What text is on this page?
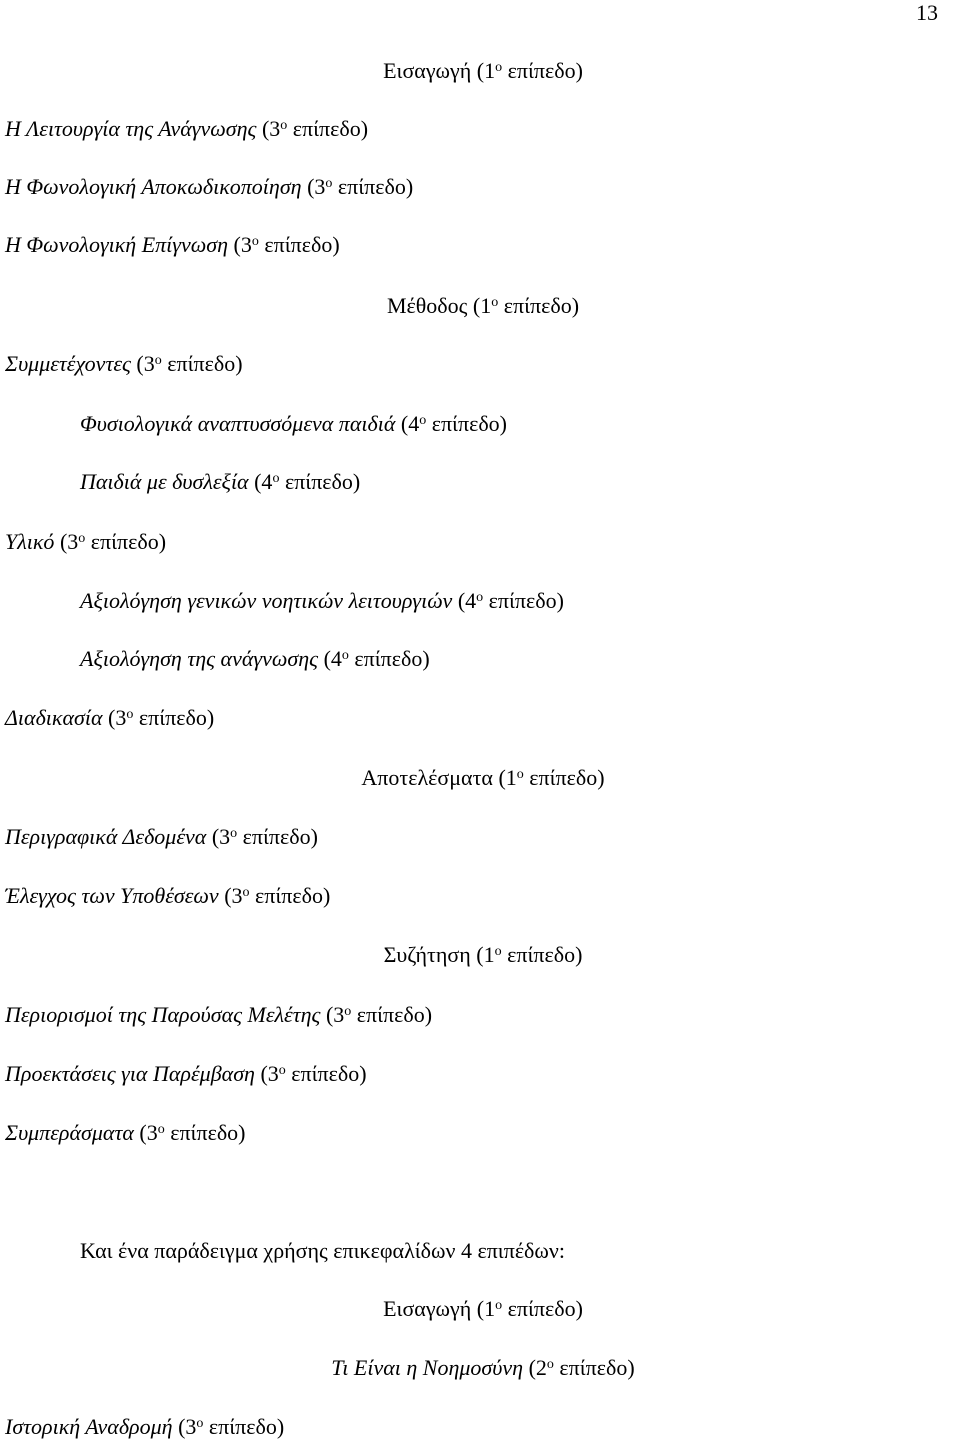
13
Εισαγωγή ($1^o$ επίπεδο)
Η Λειτουργία της Ανάγνωσης ($3^o$ επίπεδο)
Η Φωνολογική Αποκωδικοποίηση ($3^o$ επίπεδο)
Η Φωνολογική Επίγνωση ($3^o$ επίπεδο)
Μέθοδος ($1^o$ επίπεδο)
Συμμετέχοντες ($3^o$ επίπεδο)
Φυσιολογικά αναπτυσσόμενα παιδιά ($4^o$ επίπεδο)
Παιδιά με δυσλεξία ($4^o$ επίπεδο)
Υλικό ($3^o$ επίπεδο)
Αξιολόγηση γενικών νοητικών λειτουργιών ($4^o$ επίπεδο)
Αξιολόγηση της ανάγνωσης ($4^o$ επίπεδο)
Διαδικασία ($3^o$ επίπεδο)
Αποτελέσματα ($1^o$ επίπεδο)
Περιγραφικά Δεδομένα ($3^o$ επίπεδο)
Έλεγχος των Υποθέσεων ($3^o$ επίπεδο)
Συζήτηση ($1^o$ επίπεδο)
Περιορισμοί της Παρούσας Μελέτης ($3^o$ επίπεδο)
Προεκτάσεις για Παρέμβαση ($3^o$ επίπεδο)
Συμπεράσματα ($3^o$ επίπεδο)
Και ένα παράδειγμα χρήσης επικεφαλίδων 4 επιπέδων:
Εισαγωγή ($1^o$ επίπεδο)
Τι Είναι η Νοημοσύνη ($2^o$ επίπεδο)
Ιστορική Αναδρομή ($3^o$ επίπεδο)
